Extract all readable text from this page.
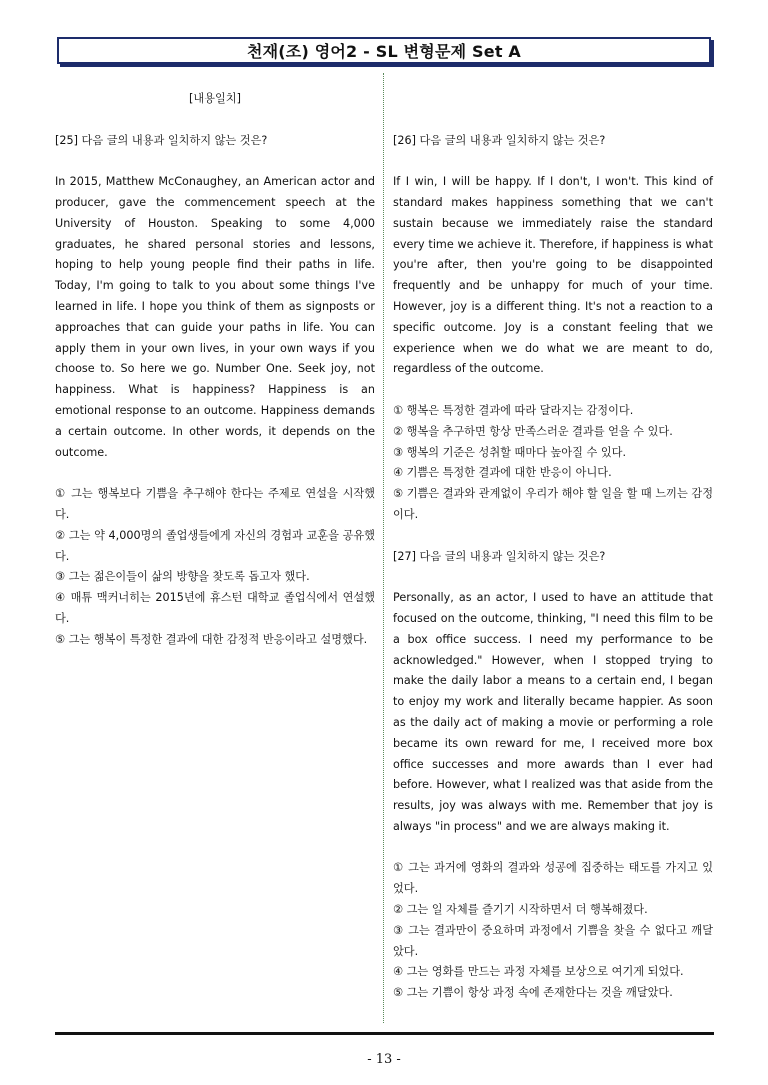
천재(조) 영어2 - SL 변형문제 Set A
[내용일치]
[25] 다음 글의 내용과 일치하지 않는 것은?
In 2015, Matthew McConaughey, an American actor and producer, gave the commencement speech at the University of Houston. Speaking to some 4,000 graduates, he shared personal stories and lessons, hoping to help young people find their paths in life. Today, I'm going to talk to you about some things I've learned in life. I hope you think of them as signposts or approaches that can guide your paths in life. You can apply them in your own lives, in your own ways if you choose to. So here we go. Number One. Seek joy, not happiness. What is happiness? Happiness is an emotional response to an outcome. Happiness demands a certain outcome. In other words, it depends on the outcome.
① 그는 행복보다 기쁨을 추구해야 한다는 주제로 연설을 시작했다.
② 그는 약 4,000명의 졸업생들에게 자신의 경험과 교훈을 공유했다.
③ 그는 젊은이들이 삶의 방향을 찾도록 돕고자 했다.
④ 매튜 맥커너히는 2015년에 휴스턴 대학교 졸업식에서 연설했다.
⑤ 그는 행복이 특정한 결과에 대한 감정적 반응이라고 설명했다.
[26] 다음 글의 내용과 일치하지 않는 것은?
If I win, I will be happy. If I don't, I won't. This kind of standard makes happiness something that we can't sustain because we immediately raise the standard every time we achieve it. Therefore, if happiness is what you're after, then you're going to be disappointed frequently and be unhappy for much of your time. However, joy is a different thing. It's not a reaction to a specific outcome. Joy is a constant feeling that we experience when we do what we are meant to do, regardless of the outcome.
① 행복은 특정한 결과에 따라 달라지는 감정이다.
② 행복을 추구하면 항상 만족스러운 결과를 얻을 수 있다.
③ 행복의 기준은 성취할 때마다 높아질 수 있다.
④ 기쁨은 특정한 결과에 대한 반응이 아니다.
⑤ 기쁨은 결과와 관계없이 우리가 해야 할 일을 할 때 느끼는 감정이다.
[27] 다음 글의 내용과 일치하지 않는 것은?
Personally, as an actor, I used to have an attitude that focused on the outcome, thinking, "I need this film to be a box office success. I need my performance to be acknowledged." However, when I stopped trying to make the daily labor a means to a certain end, I began to enjoy my work and literally became happier. As soon as the daily act of making a movie or performing a role became its own reward for me, I received more box office successes and more awards than I ever had before. However, what I realized was that aside from the results, joy was always with me. Remember that joy is always "in process" and we are always making it.
① 그는 과거에 영화의 결과와 성공에 집중하는 태도를 가지고 있었다.
② 그는 일 자체를 즐기기 시작하면서 더 행복해졌다.
③ 그는 결과만이 중요하며 과정에서 기쁨을 찾을 수 없다고 깨달았다.
④ 그는 영화를 만드는 과정 자체를 보상으로 여기게 되었다.
⑤ 그는 기쁨이 항상 과정 속에 존재한다는 것을 깨달았다.
- 13 -
